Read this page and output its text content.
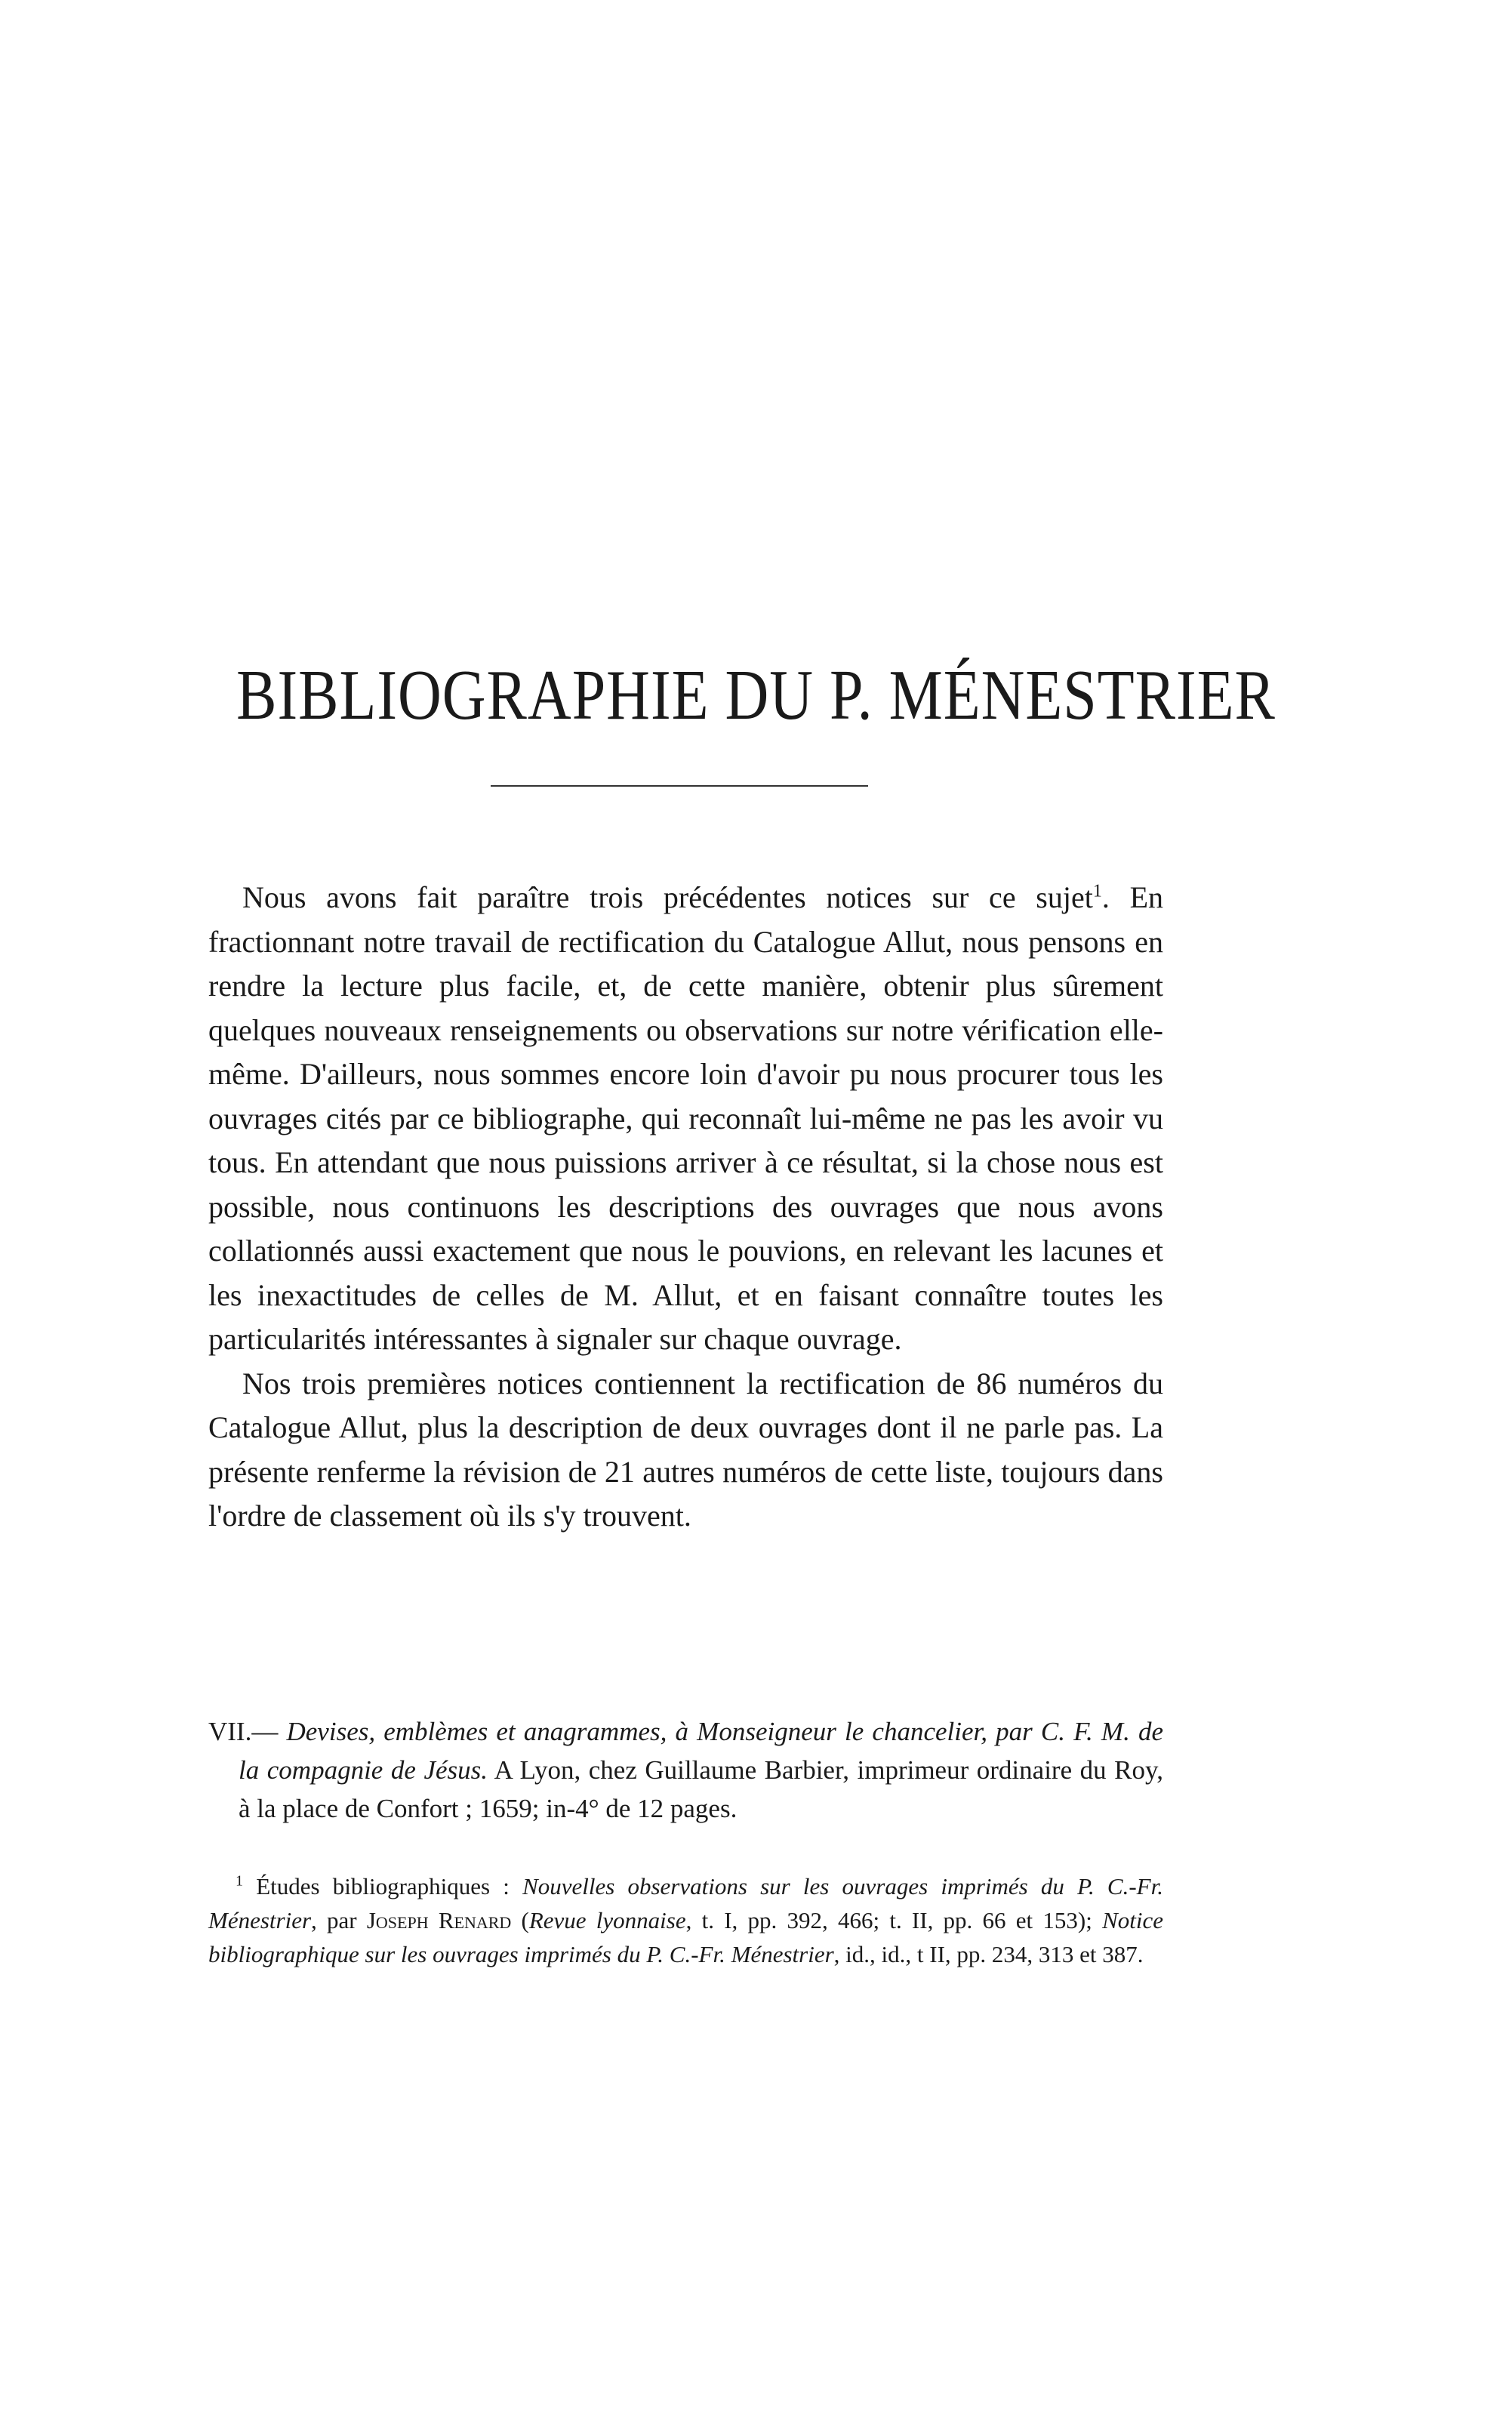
BIBLIOGRAPHIE DU P. MÉNESTRIER

Nous avons fait paraître trois précédentes notices sur ce sujet$^1$. En fractionnant notre travail de rectification du Catalogue Allut, nous pensons en rendre la lecture plus facile, et, de cette manière, obtenir plus sûrement quelques nouveaux renseignements ou observations sur notre vérification elle-même. D'ailleurs, nous sommes encore loin d'avoir pu nous procurer tous les ouvrages cités par ce bibliographe, qui reconnaît lui-même ne pas les avoir vu tous. En attendant que nous puissions arriver à ce résultat, si la chose nous est possible, nous continuons les descriptions des ouvrages que nous avons collationnés aussi exactement que nous le pouvions, en relevant les lacunes et les inexactitudes de celles de M. Allut, et en faisant connaître toutes les particularités intéressantes à signaler sur chaque ouvrage.

Nos trois premières notices contiennent la rectification de 86 numéros du Catalogue Allut, plus la description de deux ouvrages dont il ne parle pas. La présente renferme la révision de 21 autres numéros de cette liste, toujours dans l'ordre de classement où ils s'y trouvent.

VII.— Devises, emblèmes et anagrammes, à Monseigneur le chancelier, par C. F. M. de la compagnie de Jésus. A Lyon, chez Guillaume Barbier, imprimeur ordinaire du Roy, à la place de Confort ; 1659; in-4° de 12 pages.

$^1$ Études bibliographiques : Nouvelles observations sur les ouvrages imprimés du P. C.-Fr. Ménestrier, par Joseph Renard (Revue lyonnaise, t. I, pp. 392, 466; t. II, pp. 66 et 153); Notice bibliographique sur les ouvrages imprimés du P. C.-Fr. Ménestrier, id., id., t II, pp. 234, 313 et 387.
